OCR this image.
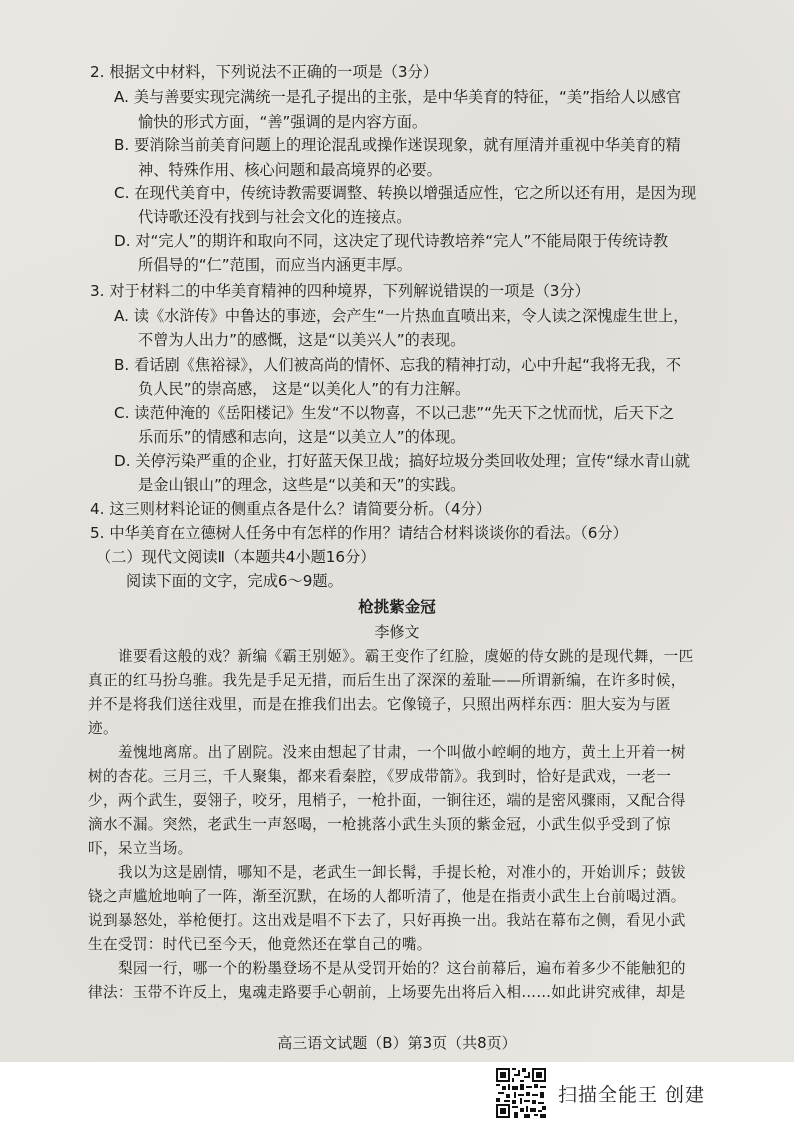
2. 根据文中材料，下列说法不正确的一项是（3分）
A. 美与善要实现完满统一是孔子提出的主张，是中华美育的特征，“美”指给人以感官
愉快的形式方面，“善”强调的是内容方面。
B. 要消除当前美育问题上的理论混乱或操作迷误现象，就有厘清并重视中华美育的精
神、特殊作用、核心问题和最高境界的必要。
C. 在现代美育中，传统诗教需要调整、转换以增强适应性，它之所以还有用，是因为现
代诗歌还没有找到与社会文化的连接点。
D. 对“完人”的期许和取向不同，这决定了现代诗教培养“完人”不能局限于传统诗教
所倡导的“仁”范围，而应当内涵更丰厚。
3. 对于材料二的中华美育精神的四种境界，下列解说错误的一项是（3分）
A. 读《水浒传》中鲁达的事迹，会产生“一片热血直喷出来，令人读之深愧虚生世上，
不曾为人出力”的感慨，这是“以美兴人”的表现。
B. 看话剧《焦裕禄》，人们被高尚的情怀、忘我的精神打动，心中升起“我将无我，不
负人民”的崇高感， 这是“以美化人”的有力注解。
C. 读范仲淹的《岳阳楼记》生发“不以物喜，不以己悲”“先天下之忧而忧，后天下之
乐而乐”的情感和志向，这是“以美立人”的体现。
D. 关停污染严重的企业，打好蓝天保卫战；搞好垃圾分类回收处理；宣传“绿水青山就
是金山银山”的理念，这些是“以美和天”的实践。
4. 这三则材料论证的侧重点各是什么？请简要分析。（4分）
5. 中华美育在立德树人任务中有怎样的作用？请结合材料谈谈你的看法。（6分）
（二）现代文阅读Ⅱ（本题共4小题16分）
阅读下面的文字，完成6～9题。
枪挑紫金冠
李修文
谁要看这般的戏？新编《霸王别姬》。霸王变作了红脸，虞姬的侍女跳的是现代舞，一匹
真正的红马扮乌骓。我先是手足无措，而后生出了深深的羞耻——所谓新编，在许多时候，
并不是将我们送往戏里，而是在推我们出去。它像镜子，只照出两样东西：胆大妄为与匿
迹。
羞愧地离席。出了剧院。没来由想起了甘肃，一个叫做小崆峒的地方，黄土上开着一树
树的杏花。三月三，千人聚集，都来看秦腔，《罗成带箭》。我到时，恰好是武戏，一老一
少，两个武生，耍翎子，咬牙，甩梢子，一枪扑面，一锏往还，端的是密风骤雨，又配合得
滴水不漏。突然，老武生一声怒喝，一枪挑落小武生头顶的紫金冠，小武生似乎受到了惊
吓，呆立当场。
我以为这是剧情，哪知不是，老武生一卸长髯，手提长枪，对准小的，开始训斥；鼓钹
铙之声尴尬地响了一阵，渐至沉默，在场的人都听清了，他是在指责小武生上台前喝过酒。
说到暴怒处，举枪便打。这出戏是唱不下去了，只好再换一出。我站在幕布之侧，看见小武
生在受罚：时代已至今天，他竟然还在掌自己的嘴。
梨园一行，哪一个的粉墨登场不是从受罚开始的？这台前幕后，遍布着多少不能触犯的
律法：玉带不许反上，鬼魂走路要手心朝前，上场要先出将后入相……如此讲究戒律，却是
高三语文试题（B）第3页（共8页）
扫描全能王 创建
